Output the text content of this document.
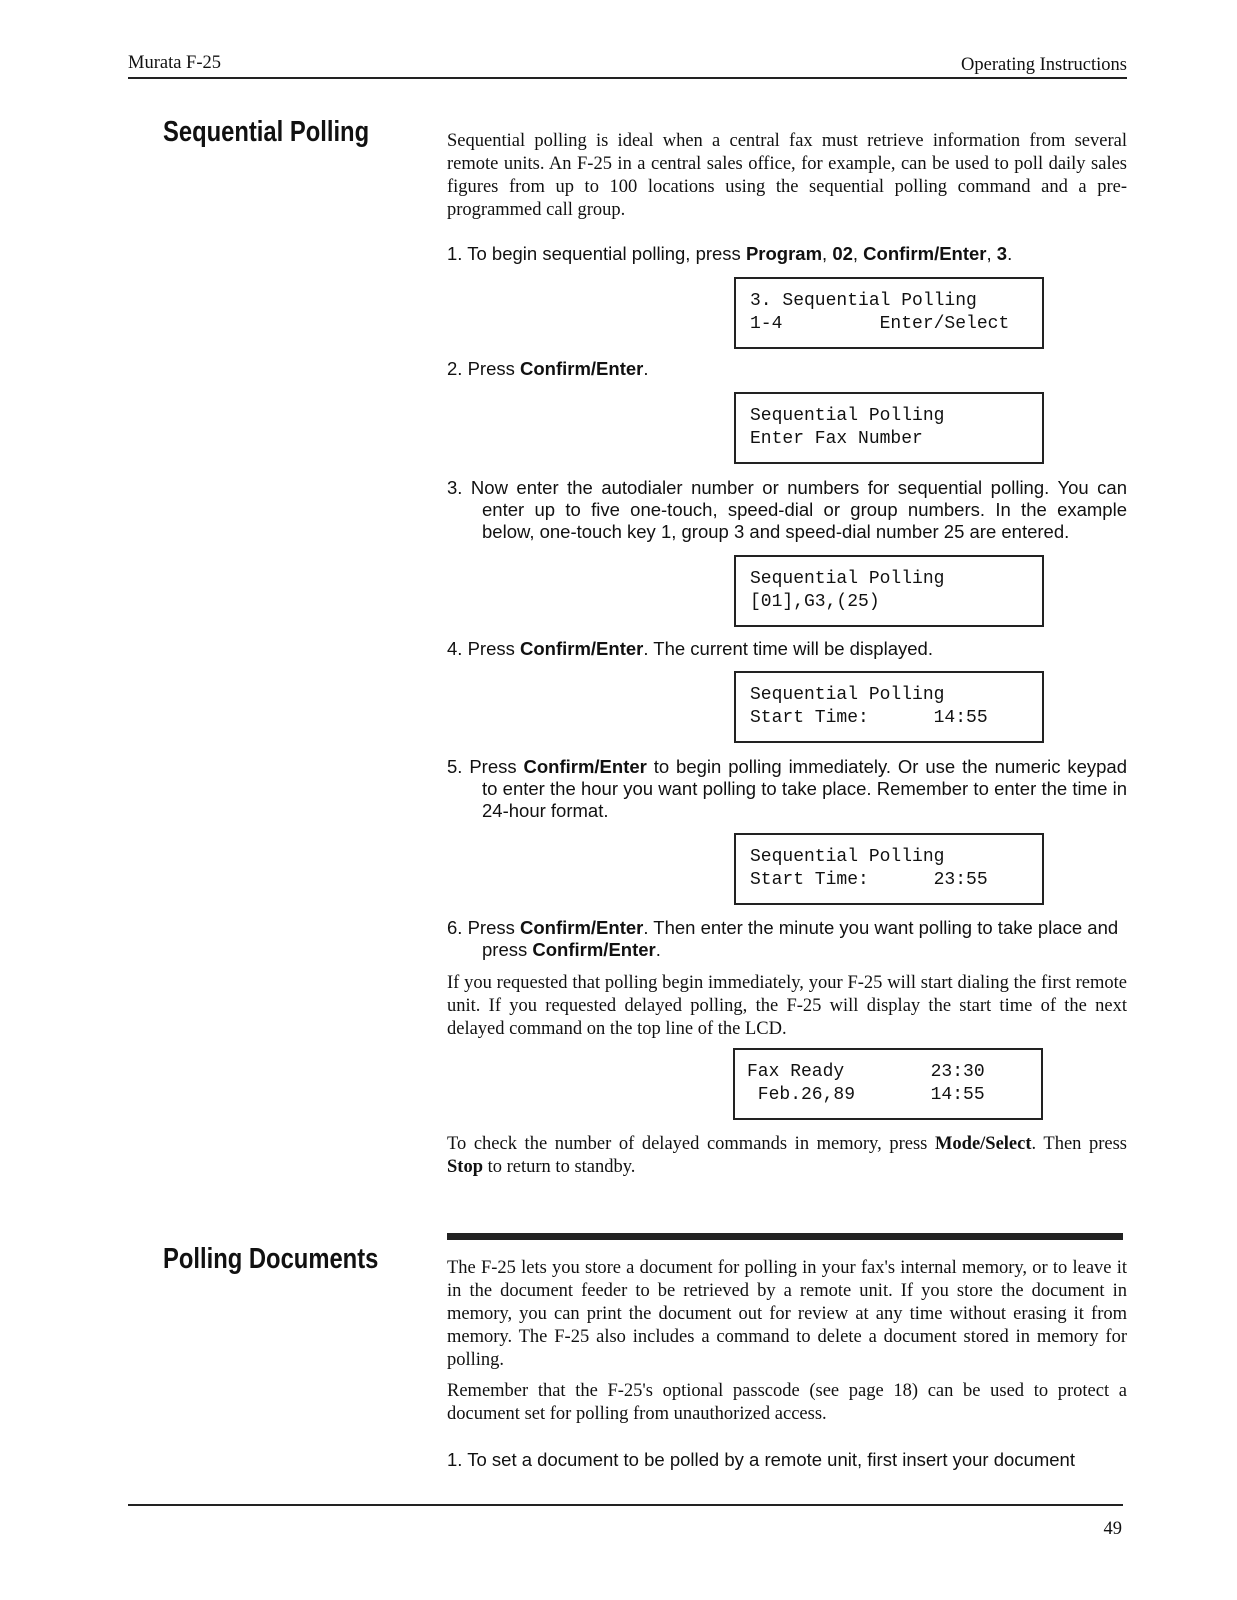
Murata F-25	Operating Instructions
Sequential Polling	Sequential polling is ideal when a central fax must retrieve information from several remote units. An F-25 in a central sales office, for example, can be used to poll daily sales figures from up to 100 locations using the sequential polling command and a pre-programmed call group.
1. To begin sequential polling, press Program, 02, Confirm/Enter, 3.
3. Sequential Polling
1-4         Enter/Select
2. Press Confirm/Enter.
Sequential Polling
Enter Fax Number
3. Now enter the autodialer number or numbers for sequential polling. You can enter up to five one-touch, speed-dial or group numbers. In the example below, one-touch key 1, group 3 and speed-dial number 25 are entered.
Sequential Polling
[01],G3,(25)
4. Press Confirm/Enter. The current time will be displayed.
Sequential Polling
Start Time:      14:55
5. Press Confirm/Enter to begin polling immediately. Or use the numeric keypad to enter the hour you want polling to take place. Remember to enter the time in 24-hour format.
Sequential Polling
Start Time:      23:55
6. Press Confirm/Enter. Then enter the minute you want polling to take place and press Confirm/Enter.
If you requested that polling begin immediately, your F-25 will start dialing the first remote unit. If you requested delayed polling, the F-25 will display the start time of the next delayed command on the top line of the LCD.
Fax Ready        23:30
Feb.26,89       14:55
To check the number of delayed commands in memory, press Mode/Select. Then press Stop to return to standby.
Polling Documents	The F-25 lets you store a document for polling in your fax's internal memory, or to leave it in the document feeder to be retrieved by a remote unit. If you store the document in memory, you can print the document out for review at any time without erasing it from memory. The F-25 also includes a command to delete a document stored in memory for polling.
Remember that the F-25's optional passcode (see page 18) can be used to protect a document set for polling from unauthorized access.
1. To set a document to be polled by a remote unit, first insert your document
49
